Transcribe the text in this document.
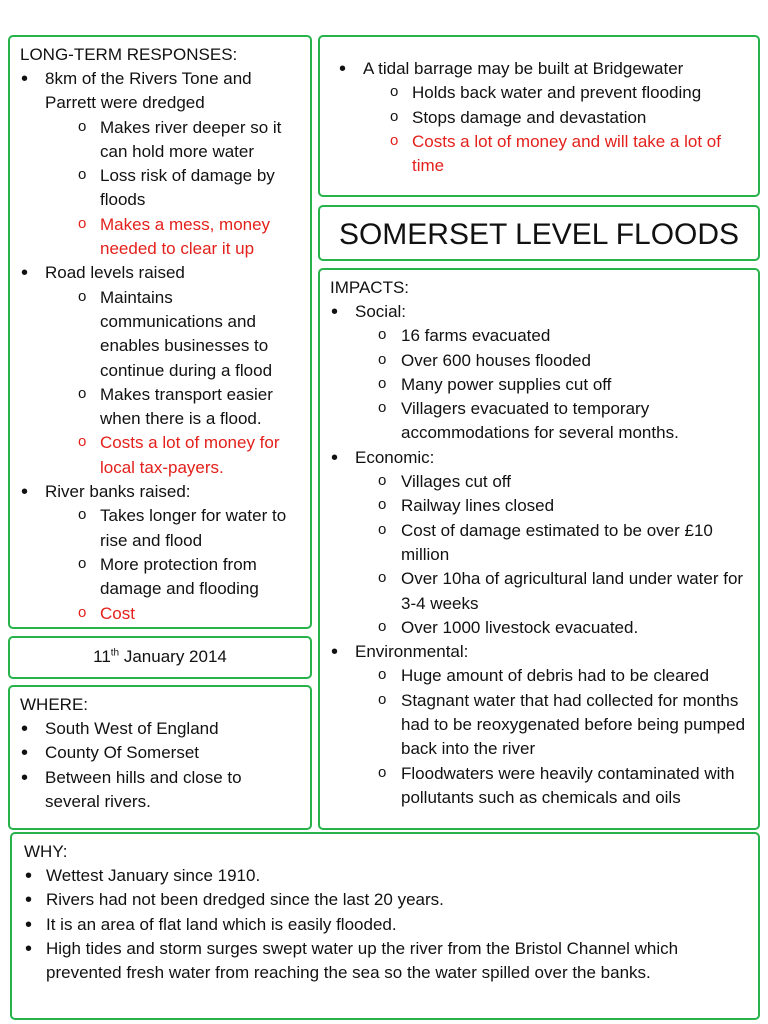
LONG-TERM RESPONSES:
• 8km of the Rivers Tone and Parrett were dredged
o Makes river deeper so it can hold more water
o Loss risk of damage by floods
o Makes a mess, money needed to clear it up
• Road levels raised
o Maintains communications and enables businesses to continue during a flood
o Makes transport easier when there is a flood.
o Costs a lot of money for local tax-payers.
• River banks raised:
o Takes longer for water to rise and flood
o More protection from damage and flooding
o Cost
• A tidal barrage may be built at Bridgewater
o Holds back water and prevent flooding
o Stops damage and devastation
o Costs a lot of money and will take a lot of time
SOMERSET LEVEL FLOODS
IMPACTS:
• Social:
o 16 farms evacuated
o Over 600 houses flooded
o Many power supplies cut off
o Villagers evacuated to temporary accommodations for several months.
• Economic:
o Villages cut off
o Railway lines closed
o Cost of damage estimated to be over £10 million
o Over 10ha of agricultural land under water for 3-4 weeks
o Over 1000 livestock evacuated.
• Environmental:
o Huge amount of debris had to be cleared
o Stagnant water that had collected for months had to be reoxygenated before being pumped back into the river
o Floodwaters were heavily contaminated with pollutants such as chemicals and oils
11th January 2014
WHERE:
• South West of England
• County Of Somerset
• Between hills and close to several rivers.
WHY:
• Wettest January since 1910.
• Rivers had not been dredged since the last 20 years.
• It is an area of flat land which is easily flooded.
• High tides and storm surges swept water up the river from the Bristol Channel which prevented fresh water from reaching the sea so the water spilled over the banks.
